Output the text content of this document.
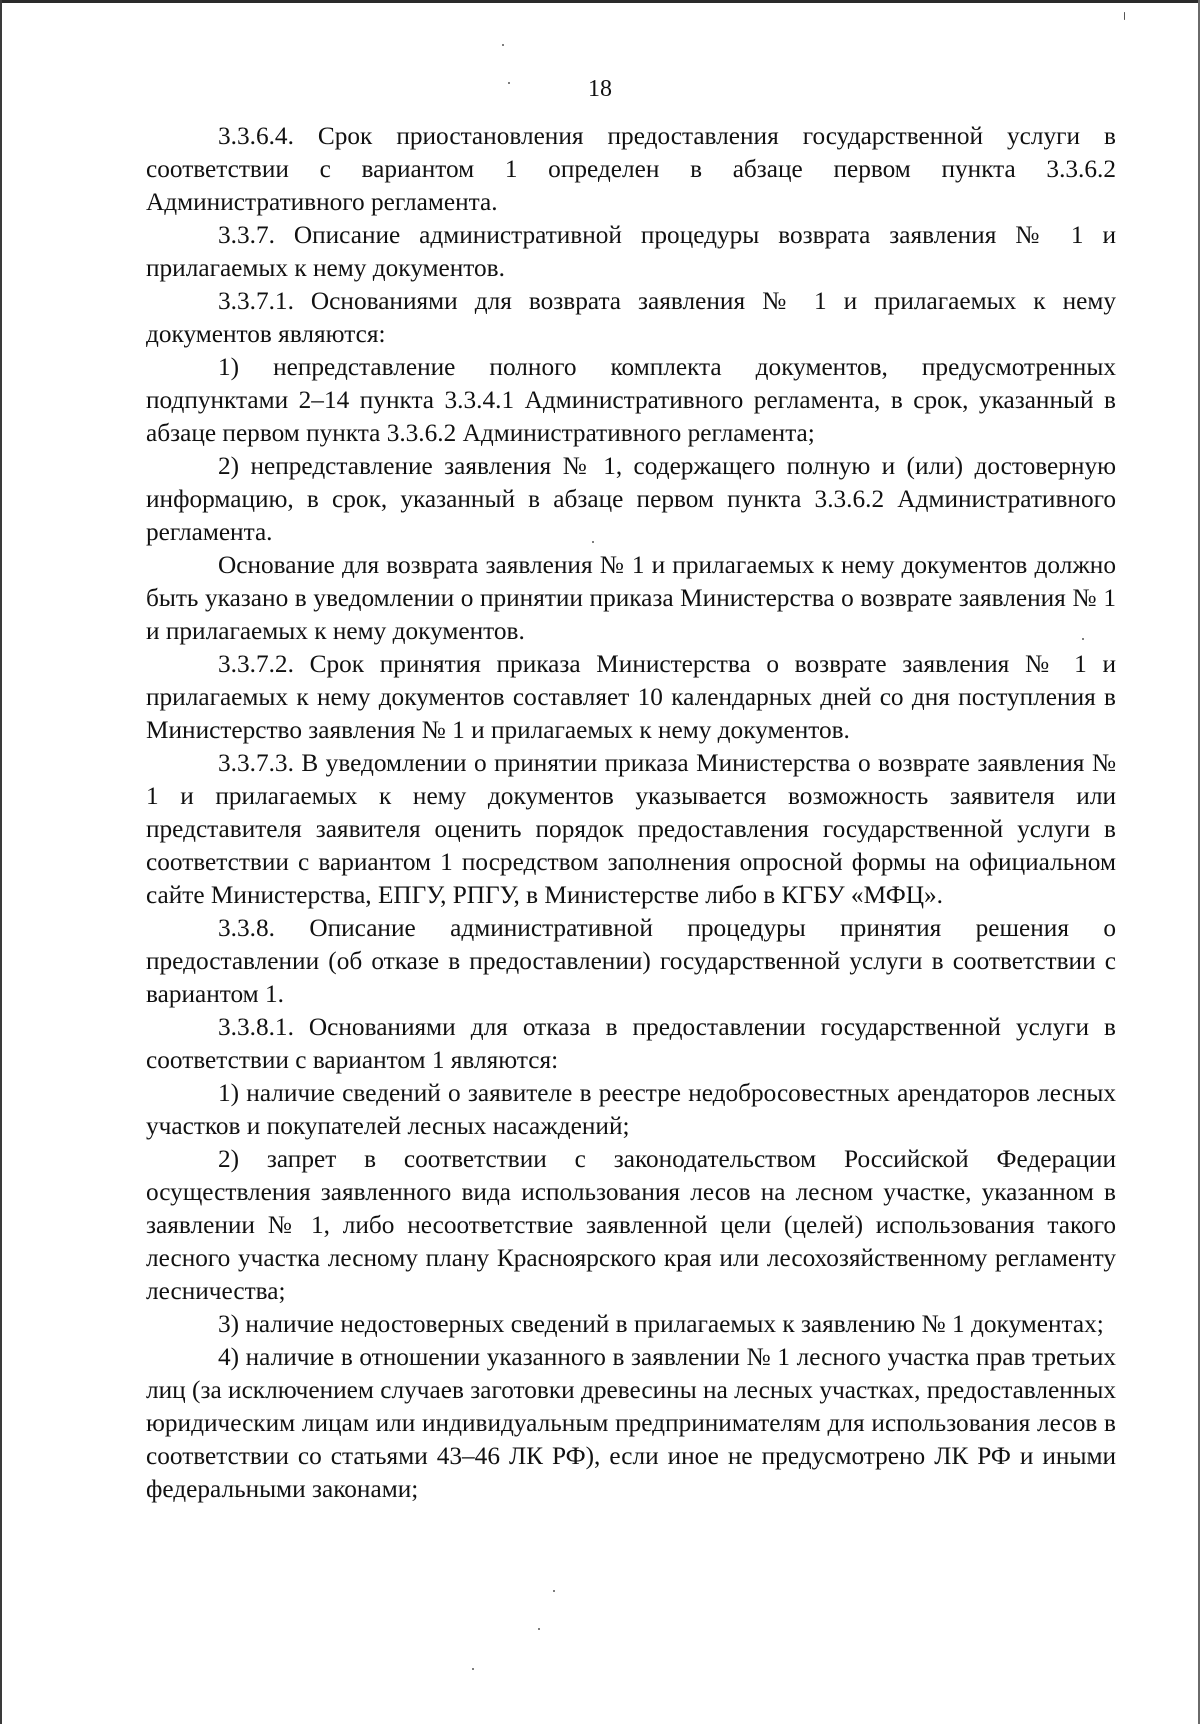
18

3.3.6.4. Срок приостановления предоставления государственной услуги в соответствии с вариантом 1 определен в абзаце первом пункта 3.3.6.2 Административного регламента.

3.3.7. Описание административной процедуры возврата заявления № 1 и прилагаемых к нему документов.

3.3.7.1. Основаниями для возврата заявления № 1 и прилагаемых к нему документов являются:

1) непредставление полного комплекта документов, предусмотренных подпунктами 2–14 пункта 3.3.4.1 Административного регламента, в срок, указанный в абзаце первом пункта 3.3.6.2 Административного регламента;

2) непредставление заявления № 1, содержащего полную и (или) достоверную информацию, в срок, указанный в абзаце первом пункта 3.3.6.2 Административного регламента.

Основание для возврата заявления № 1 и прилагаемых к нему документов должно быть указано в уведомлении о принятии приказа Министерства о возврате заявления № 1 и прилагаемых к нему документов.

3.3.7.2. Срок принятия приказа Министерства о возврате заявления № 1 и прилагаемых к нему документов составляет 10 календарных дней со дня поступления в Министерство заявления № 1 и прилагаемых к нему документов.

3.3.7.3. В уведомлении о принятии приказа Министерства о возврате заявления № 1 и прилагаемых к нему документов указывается возможность заявителя или представителя заявителя оценить порядок предоставления государственной услуги в соответствии с вариантом 1 посредством заполнения опросной формы на официальном сайте Министерства, ЕПГУ, РПГУ, в Министерстве либо в КГБУ «МФЦ».

3.3.8. Описание административной процедуры принятия решения о предоставлении (об отказе в предоставлении) государственной услуги в соответствии с вариантом 1.

3.3.8.1. Основаниями для отказа в предоставлении государственной услуги в соответствии с вариантом 1 являются:

1) наличие сведений о заявителе в реестре недобросовестных арендаторов лесных участков и покупателей лесных насаждений;

2) запрет в соответствии с законодательством Российской Федерации осуществления заявленного вида использования лесов на лесном участке, указанном в заявлении № 1, либо несоответствие заявленной цели (целей) использования такого лесного участка лесному плану Красноярского края или лесохозяйственному регламенту лесничества;

3) наличие недостоверных сведений в прилагаемых к заявлению № 1 документах;

4) наличие в отношении указанного в заявлении № 1 лесного участка прав третьих лиц (за исключением случаев заготовки древесины на лесных участках, предоставленных юридическим лицам или индивидуальным предпринимателям для использования лесов в соответствии со статьями 43–46 ЛК РФ), если иное не предусмотрено ЛК РФ и иными федеральными законами;
